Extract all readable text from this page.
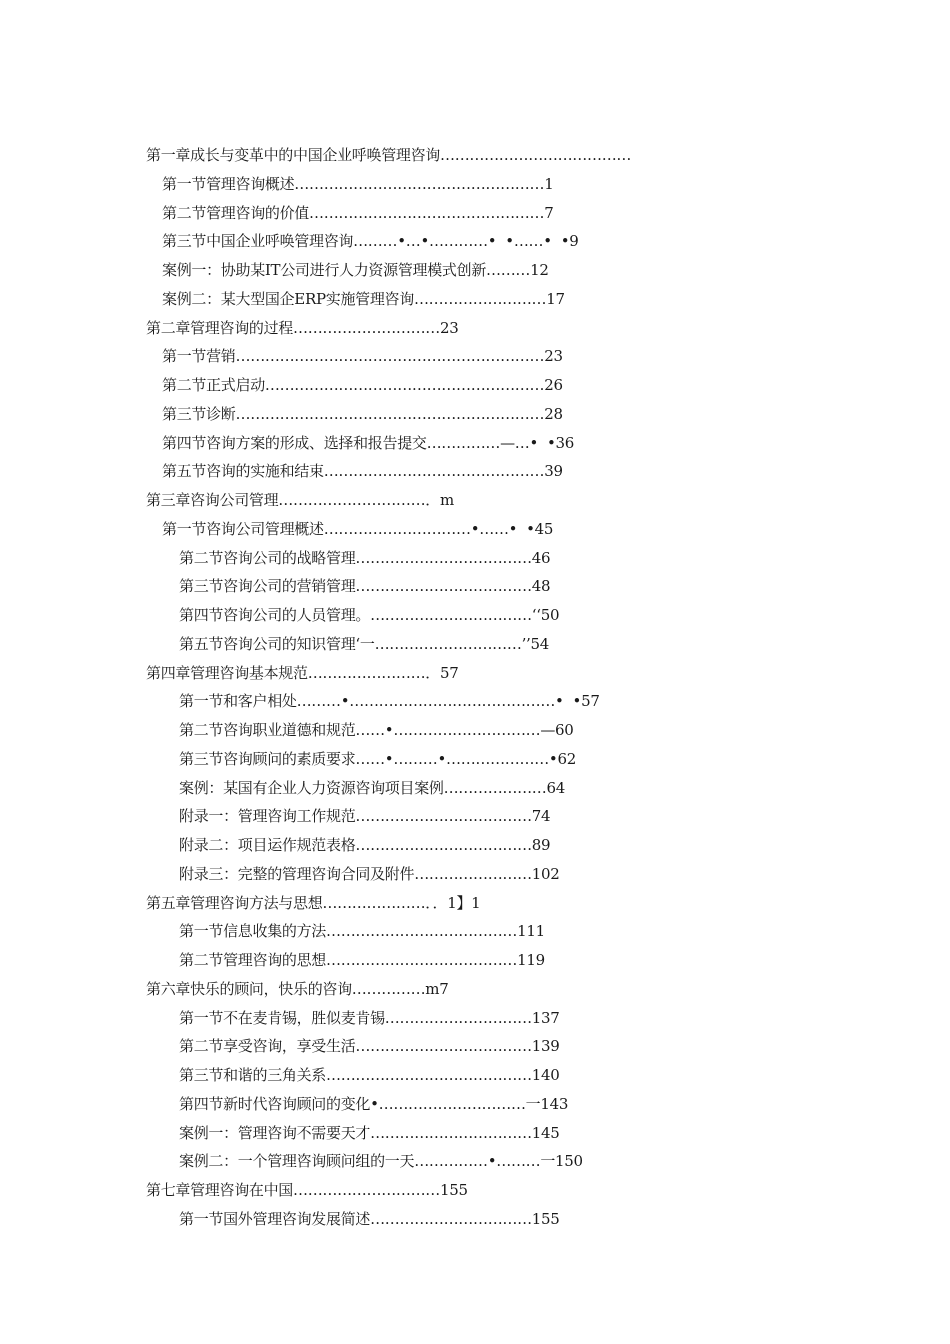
第一章成长与变革中的中国企业呼唤管理咨询…………………………………
第一节管理咨询概述……………………………………………1
第二节管理咨询的价值…………………………………………7
第三节中国企业呼唤管理咨询………•…•…………•  •……•  •9
案例一：协助某IT公司进行人力资源管理模式创新………12
案例二：某大型国企ERP实施管理咨询………………………17
第二章管理咨询的过程…………………………23
第一节营销………………………………………………………23
第二节正式启动…………………………………………………26
第三节诊断………………………………………………………28
第四节咨询方案的形成、选择和报告提交……………—…•  •36
第五节咨询的实施和结束………………………………………39
第三章咨询公司管理…………………………．m
第一节咨询公司管理概述…………………………•……•  •45
第二节咨询公司的战略管理………………………………46
第三节咨询公司的营销管理………………………………48
第四节咨询公司的人员管理。……………………………‘‘50
第五节咨询公司的知识管理‘一…………………………’’54
第四章管理咨询基本规范……………………．57
第一节和客户相处………•……………………………………•  •57
第二节咨询职业道德和规范……•…………………………—60
第三节咨询顾问的素质要求……•………•…………………•62
案例：某国有企业人力资源咨询项目案例…………………64
附录一：管理咨询工作规范………………………………74
附录二：项目运作规范表格………………………………89
附录三：完整的管理咨询合同及附件……………………102
第五章管理咨询方法与思想…………………．．1】1
第一节信息收集的方法…………………………………111
第二节管理咨询的思想…………………………………119
第六章快乐的顾问，快乐的咨询……………m7
第一节不在麦肯锡，胜似麦肯锡…………………………137
第二节享受咨询，享受生活………………………………139
第三节和谐的三角关系……………………………………140
第四节新时代咨询顾问的变化•…………………………一143
案例一：管理咨询不需要天才……………………………145
案例二：一个管理咨询顾问组的一天……………•………一150
第七章管理咨询在中国…………………………155
第一节国外管理咨询发展简述……………………………155
